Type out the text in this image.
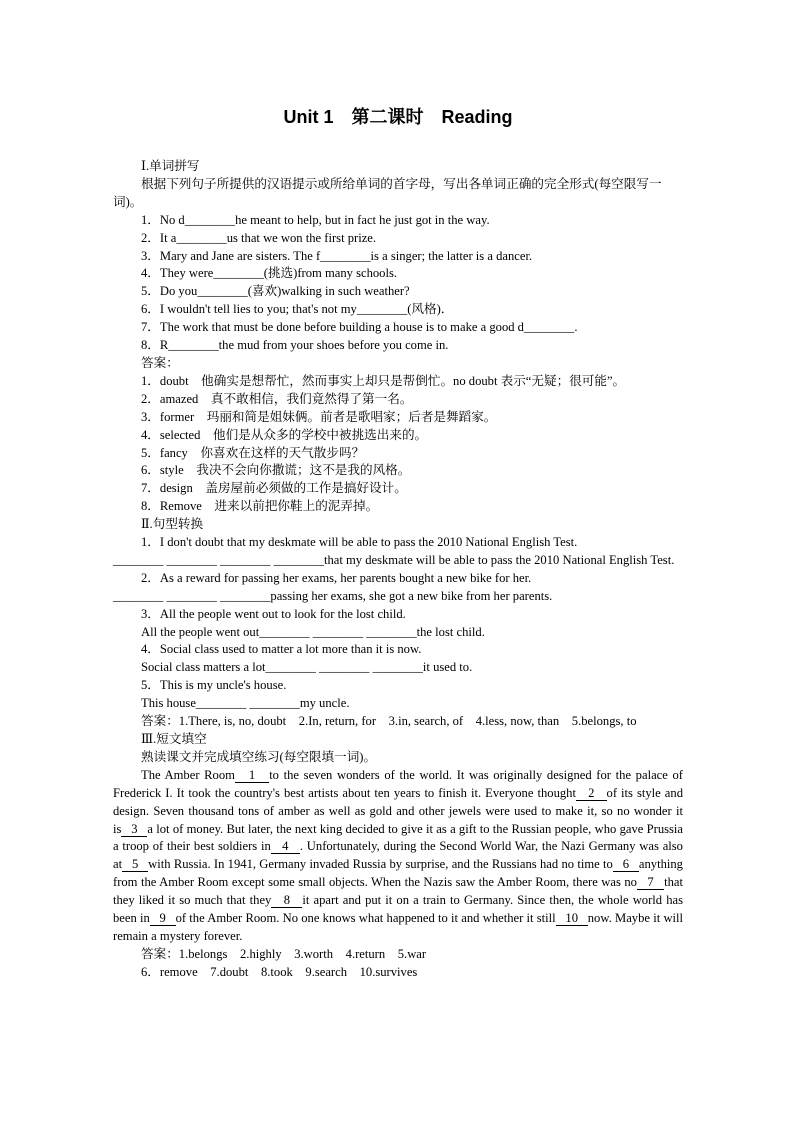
Unit 1　第二课时　Reading

Ⅰ.单词拼写

根据下列句子所提供的汉语提示或所给单词的首字母，写出各单词正确的完全形式(每空限写一词)。

1．No d________he meant to help, but in fact he just got in the way.

2．It a________us that we won the first prize.

3．Mary and Jane are sisters. The f________is a singer; the latter is a dancer.

4．They were________(挑选)from many schools.

5．Do you________(喜欢)walking in such weather?

6．I wouldn't tell lies to you; that's not my________(风格)．

7．The work that must be done before building a house is to make a good d________.

8．R________the mud from your shoes before you come in.

答案：

1．doubt　他确实是想帮忙，然而事实上却只是帮倒忙。no doubt 表示“无疑；很可能”。

2．amazed　真不敢相信，我们竟然得了第一名。

3．former　玛丽和简是姐妹俩。前者是歌唱家；后者是舞蹈家。

4．selected　他们是从众多的学校中被挑选出来的。

5．fancy　你喜欢在这样的天气散步吗？

6．style　我决不会向你撒谎；这不是我的风格。

7．design　盖房屋前必须做的工作是搞好设计。

8．Remove　进来以前把你鞋上的泥弄掉。

Ⅱ.句型转换

1．I don't doubt that my deskmate will be able to pass the 2010 National English Test.

________ ________ ________ ________that my deskmate will be able to pass the 2010 National English Test.

2．As a reward for passing her exams, her parents bought a new bike for her.

________ ________ ________passing her exams, she got a new bike from her parents.

3．All the people went out to look for the lost child.

All the people went out________ ________ ________the lost child.

4．Social class used to matter a lot more than it is now.

Social class matters a lot________ ________ ________it used to.

5．This is my uncle's house.

This house________ ________my uncle.

答案：1.There, is, no, doubt　2.In, return, for　3.in, search, of　4.less, now, than　5.belongs, to

Ⅲ.短文填空

熟读课文并完成填空练习(每空限填一词)。

The Amber Room 1 to the seven wonders of the world. It was originally designed for the palace of Frederick I. It took the country's best artists about ten years to finish it. Everyone thought 2 of its style and design. Seven thousand tons of amber as well as gold and other jewels were used to make it, so no wonder it is 3 a lot of money. But later, the next king decided to give it as a gift to the Russian people, who gave Prussia a troop of their best soldiers in 4 . Unfortunately, during the Second World War, the Nazi Germany was also at 5 with Russia. In 1941, Germany invaded Russia by surprise, and the Russians had no time to 6 anything from the Amber Room except some small objects. When the Nazis saw the Amber Room, there was no 7 that they liked it so much that they 8 it apart and put it on a train to Germany. Since then, the whole world has been in 9 of the Amber Room. No one knows what happened to it and whether it still 10 now. Maybe it will remain a mystery forever.

答案：1.belongs　2.highly　3.worth　4.return　5.war

6．remove　7.doubt　8.took　9.search　10.survives
